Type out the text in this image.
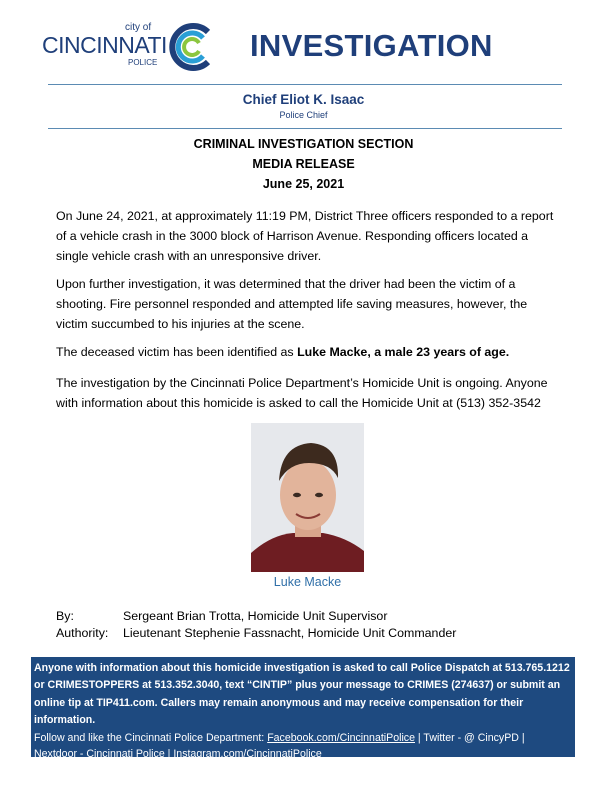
city of
CINCINNATI
POLICE	INVESTIGATION
Chief Eliot K. Isaac
Police Chief
CRIMINAL INVESTIGATION SECTION
MEDIA RELEASE
June 25, 2021
On June 24, 2021, at approximately 11:19 PM, District Three officers responded to a report
of a vehicle crash in the 3000 block of Harrison Avenue. Responding officers located a
single vehicle crash with an unresponsive driver.
Upon further investigation, it was determined that the driver had been the victim of a
shooting. Fire personnel responded and attempted life saving measures, however, the
victim succumbed to his injuries at the scene.
The deceased victim has been identified as Luke Macke, a male 23 years of age.
The investigation by the Cincinnati Police Department’s Homicide Unit is ongoing. Anyone
with information about this homicide is asked to call the Homicide Unit at (513) 352-3542
Luke Macke
By:	Sergeant Brian Trotta, Homicide Unit Supervisor
Authority: Lieutenant Stephenie Fassnacht, Homicide Unit Commander
Anyone with information about this homicide investigation is asked to call Police Dispatch at 513.765.1212
or CRIMESTOPPERS at 513.352.3040, text “CINTIP” plus your message to CRIMES (274637) or submit an
online tip at TIP411.com. Callers may remain anonymous and may receive compensation for their
information.
Follow and like the Cincinnati Police Department: Facebook.com/CincinnatiPolice | Twitter - @ CincyPD |
Nextdoor - Cincinnati Police | Instagram.com/CincinnatiPolice
